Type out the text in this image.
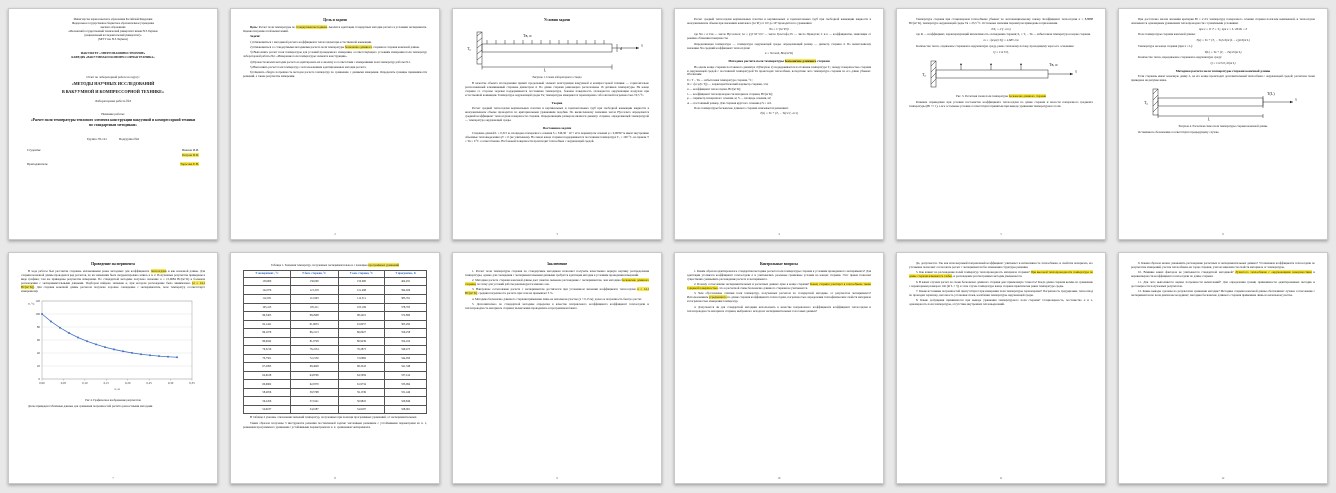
Министерство науки и высшего образования Российской Федерации
Федеральное государственное бюджетное образовательное учреждение
высшего образования
«Московский государственный технический университет имени Н.Э. Баумана
(национальный исследовательский университет)»
(МГТУ им. Н.Э. Баумана)
ФАКУЛЬТЕТ «ЭНЕРГОМАШИНОСТРОЕНИЕ»
КАФЕДРА «ВАКУУМНАЯ И КОМПРЕССОРНАЯ ТЕХНИКА»
Отчет по лабораторной работе по курсу:
«МЕТОДЫ НАУЧНЫХ ИССЛЕДОВАНИЙ
В ВАКУУМНОЙ И КОМПРЕССОРНОЙ ТЕХНИКЕ»
Лабораторная работа №3
Название работы:
«Расчет поля температуры теплового элемента конструкции вакуумной и компрессорной техники по стандартным методикам»
Группа Э5-121	Подгруппа №6
Студенты:	Иванов И.И.
Петров П.П.
Преподаватель:	Тарасова Е.Н.
Цель и задачи

Цель: Расчет поля температуры по стандартным методикам. Анализ и адаптация стандартных методик расчета к условиям эксперимента. Оценка погрешностей вычислений.

Задачи:

1) Ознакомиться с методикой расчета коэффициента теплоотдачи при естественной конвекции.

2) Ознакомиться со стандартными методиками расчета поля температуры бесконечно длинного стержня и стержня конечной длины.

3) Выполнить расчет поля температуры для условий проведенного измерения, соответствующего условиям измерения поля температур лабораторной работы №1 «Измерение поля температуры элемента конструкции».

4) Провести анализ методик расчета и адаптировать их к анализу в соответствии с измерениями поля температур работы №1.

5) Выполнить расчет поля температур с использованием адаптированных методик расчета.

6) Оценить общую погрешность методов расчета температур по сравнению с данными измерения. Определить границы применимости решений, а также результаты измерения.

2
Условия задачи
T₀
L
d
x
Tв, α
Рисунок 1. Схема лабораторного стенда

В качестве объекта исследования принят продольный элемент конструкции вакуумной и компрессорной техники — горизонтально расположенный алюминиевый стержень диаметром d. По длине стержня равномерно расположены 16 датчиков температуры. На конце стержня со стороны заделки поддерживается постоянная температура, боковая поверхность охлаждается окружающим воздухом при естественной конвекции. Температура окружающей среды Tв; температуры измеряются термопарами с абсолютной погрешностью ±0,5 °C.

Теория

Расчет средней теплоотдачи вертикальных пластин и вертикальных и горизонтальных труб при свободной конвекции жидкости в неограниченном объеме проводится по критериальным уравнениям подобия. По вычисленному значению числа Нуссельта определяется средний коэффициент теплоотдачи поверхности стержня. Определяющим размером является диаметр стержня, определяющей температурой — температура окружающей среды.

Постановка задачи

Стержень длиной L = 0,315 м, площадью поперечного сечения S = 346,36 · 10⁻⁶ м² и периметром сечения φ = 0,06597 м имеет внутренние объемные тепловыделения qV = 0 (не учитываем). На левом конце стержня поддерживается постоянная температура T₀ = 100 °C, на правом T = Tв = 0 °C соответственно. На боковой поверхности происходит теплообмен с окружающей средой.

3

Расчет средней теплоотдачи вертикальных пластин и вертикальных и горизонтальных труб при свободной конвекции жидкости в неограниченном объеме при значениях комплекса (Gr·Pr) от 10³ до 10⁹ проводится по уравнению:

Nu = C·(Gr·Pr)ⁿ

где Nu = α·l/λв — число Нуссельта; Gr = g·β·ΔT·l³/ν² — число Грасгофа; Pr — число Прандтля; C и n — коэффициенты, зависящие от режима обтекания поверхности.

Определяющая температура — температура окружающей среды, определяющий размер — диаметр стержня d. По вычисленному значению Nu средний коэффициент теплоотдачи:

α = Nu·λв/d, Вт/(м²·К)
Методика расчета поля температуры бесконечно длинного стержня

На одном конце стержня постоянного диаметра d (Рисунок 2) поддерживается постоянная температура T₀; между поверхностью стержня и окружающей средой с постоянной температурой Tв происходит теплообмен, вследствие чего температура стержня по его длине убывает. Обозначим:

θ = T − Tв — избыточная температура стержня, °C;
m = √(α·φ/(λ·S)) — характеристический параметр стержня, 1/м;
α — коэффициент теплоотдачи, Вт/(м²·К);
λ — коэффициент теплопроводности материала стержня, Вт/(м·К);
φ — периметр поперечного сечения, м; S — площадь сечения, м²;
A — постоянный размер. Для стержня круглого сечения φ/S = 4/d.

Поле температуры бесконечно длинного стержня описывается решением:

T(x) = Tв + (T₀ − Tв)·e^(−m·x)
4

Температура стержня при стационарном теплообмене убывает по экспоненциальному закону. Коэффициент теплоотдачи α = 8,8888 Вт/(м²·К), температура окружающей среды Tв = 23,5 °C. Остальные значения параметров приведены в приложении.

θ/θ₀ = e^(−m·x)

где m — коэффициент, характеризующий интенсивность охлаждения стержня; θ₀ = T₀ − Tв — избыточная температура в корне стержня.

m = √(α·φ/(λ·S)) = 4,683 1/м

Количество тепла, отдаваемое стержнем в окружающую среду, равно тепловому потоку, проходящему через его основание:

Q = λ·m·S·θ₀
T₀
Tв, α
x
Рис. 3. Расчетная схема поля температуры бесконечно длинного стержня

Решение справедливо при условии постоянства коэффициента теплоотдачи по длине стержня и малости поперечного градиента температуры (Bi << 1), а все остальные условия соответствуют принятым при выводе уравнения температурного поля.

5

При достаточно малом значении критерия Bi = α·d/λ температуру поперечного сечения стержня полагаем неизменной, и теплоотдача описывается одномерным уравнением теплопроводности с граничными условиями:

при x = 0: T = T₀; при x = L: dT/dx = 0

Поле температуры стержня конечной длины:

T(x) = Tв + (T₀ − Tв)·ch(m·(L − x))/ch(m·L)

Температура на конце стержня (при x = L):

T(L) = Tв + (T₀ − Tв)/ch(m·L)

Количество тепла, передаваемое стержнем в окружающую среду:

Q = λ·m·S·θ₀·th(m·L)
Методика расчета поля температуры стержня конечной длины

Если стержень имеет конечную длину L, на его конце происходит дополнительный теплообмен с окружающей средой; расчетная схема приведена на рисунке ниже.

T₀
T(L)
L
x
Рисунок 4. Расчетная схема поля температуры стержня конечной длины

Оставшиеся обозначения соответствуют предыдущему случаю.

6
Проведение эксперимента

В ходе работы был рассчитан стержень изложенными ранее методами: для коэффициента теплоотдачи и как конечной длины. Для стержня конечной длины проводился ряд расчетов, по их значениям была скорректирована запись в п. 2. Полученные результаты приведены в виде графика; там же приведены результаты измерения. По стандартной методике получено значение α = 15,9684 Вт/(м²·К) в большом расхождении с экспериментальными данными. Подбором найдено значение α, при котором расхождение было минимально (α = 14,1 Вт/(м²·К)). Для стержня конечной длины расчетом получено хорошее совпадение с экспериментом, поле температур соответствует измеренному.

0
20
40
60
80
100
120
0,00	0,05	0,10	0,15	0,20	0,25	0,30	0,35
x, м
T, °C
Рис 4. Графическое изображение результатов

Далее приведем табличные данные для сравнения погрешностей расчёта разностными методами.

7
Таблица 1. Значения температур, полученных экспериментально и с помощью программных уравнений
T эксперимент., °C	T беск. стержня, °C	T кон. стержня, °C	T программн., К
150,000	150,000	150,000	404,031
122,076	121,318	121,498	394,026
112,031	112,993	112,311	383,761
105,413	105,211	105,169	378,763
99,3405	98,2908	98,2401	372,890
92,1441	91,9633	91,8257	365,292
86,1079	86,2113	86,0927	359,258
80,0042	81,0728	80,9239	354,104
76,3216	76,4134	76,2873	349,473
70,7501	72,2130	72,0682	344,950
67,2093	68,4648	68,3243	341,348
64,6168	64,8700	64,5659	337,414
60,6962	62,0370	61,9734	333,994
58,4956	59,5798	59,1339	331,446
56,2456	57,0141	56,9810	329,846
54,9187	54,9187	54,9187	328,061

В таблице 2 указаны отклонения значений температур, полученных при помощи программных уравнений, от экспериментальных.

Таким образом получены 3 инструмента решения поставленной задачи: численным решением с устойчивыми параметрами из п. 1, решением программного уравнения с устойчивыми параметрами из п. 2, сравнением эксперимента.

8
Заключение

1. Расчет поля температуры стержня по стандартным методикам позволяет получить качественно верную картину распределения температуры, однако для совпадения с экспериментальными данными требуется адаптация методик к условиям проведения измерений.

2. Методика расчета стержня конечной длины дает заметно меньшее расхождение с экспериментом, чем методика бесконечно длинного стержня, поэтому для условий работы рекомендуется именно она.

3. Наилучшее согласование расчета с экспериментом достигается при уточненном значении коэффициента теплоотдачи α = 14,1 Вт/(м²·К); средняя погрешность расчета при этом не превышает 3 %.

4. Методика бесконечно длинного стержня применима лишь на начальном участке (x < 0,15 м); далее ее погрешность быстро растет.

5. Дополнительно по стандартной методике определен в качестве поправочного коэффициента коэффициент теплоотдачи и теплопроводность материала стержня; вычисления проводились в программном пакете.

9
Контрольные вопросы

1. Каким образом адаптировалась стандартная методика расчета поля температуры стержня к условиям проведенного эксперимента? Для адаптации уточнялся коэффициент теплоотдачи α и учитывались реальные граничные условия на концах стержня. Этот прием позволил существенно уменьшить расхождение расчета и эксперимента.

2. Почему согласование экспериментальных и расчетных данных хуже в конце стержня? Конец стержня участвует в теплообмене также торцевой поверхностью, что в расчетной схеме бесконечно длинного стержня не учитывается.

3. Чем обусловлены отличия поля температур, полученных расчетом по стандартной методике, от результатов эксперимента? Использованием усредненного по длине стержня коэффициента теплоотдачи, погрешностью определения теплофизических свойств материала и погрешностью измерения температур.

4. Допускается ли для стандартной методики использовать в качестве поправочного коэффициента коэффициент теплоотдачи и теплопроводность материала стержня, выбранного исходя из экспериментальных голосовых данных?

10

Да, допускается. Так как используемый поправочный коэффициент учитывает и интенсивность теплообмена, и свойства материала, его уточнение позволяет согласовать расчет с экспериментом без изменения структуры решения.

5. Как влияет на расхождение полей температур теплопроводность материала стержня? При высокой теплопроводности температура по длине стержня изменяется слабее, и расхождение рассмотренных методик уменьшается.

6. В каких случаях расчет по схеме бесконечно длинного стержня дает приемлемую точность? Когда длина стержня велика по сравнению с характерным размером 1/m (m·L > 3); в этом случае температура конца стержня практически равна температуре среды.

7. Какие источники погрешностей присутствуют при измерении поля температуры термопарами? Погрешность градуировки, теплоотвод по проводам термопар, неточность установки спаев, колебания температуры окружающей среды.

8. Какие допущения принимаются при выводе уравнения температурного поля стержня? Стационарность, постоянство α и λ, одномерность поля температуры, отсутствие внутренних тепловыделений.

11

9. Каким образом можно уменьшить расхождение расчетных и экспериментальных данных? Уточнением коэффициента теплоотдачи по результатам измерений, учетом теплообмена на торце стержня, учетом зависимости свойств материала от температуры.

10. Влияние каких факторов не учитывается стандартной методикой? Лучистого теплообмена с окружающими поверхностями и неравномерности коэффициента теплоотдачи по длине стержня.

11. Для чего выполняется оценка погрешности вычислений? Для определения границ применимости адаптированных методик и достоверности получаемых результатов.

12. Какие выводы сделаны по результатам сравнения методик? Методика стержня конечной длины обеспечивает лучшее согласование с экспериментом во всем диапазоне координат; методика бесконечно длинного стержня применима лишь на начальном участке.

12
